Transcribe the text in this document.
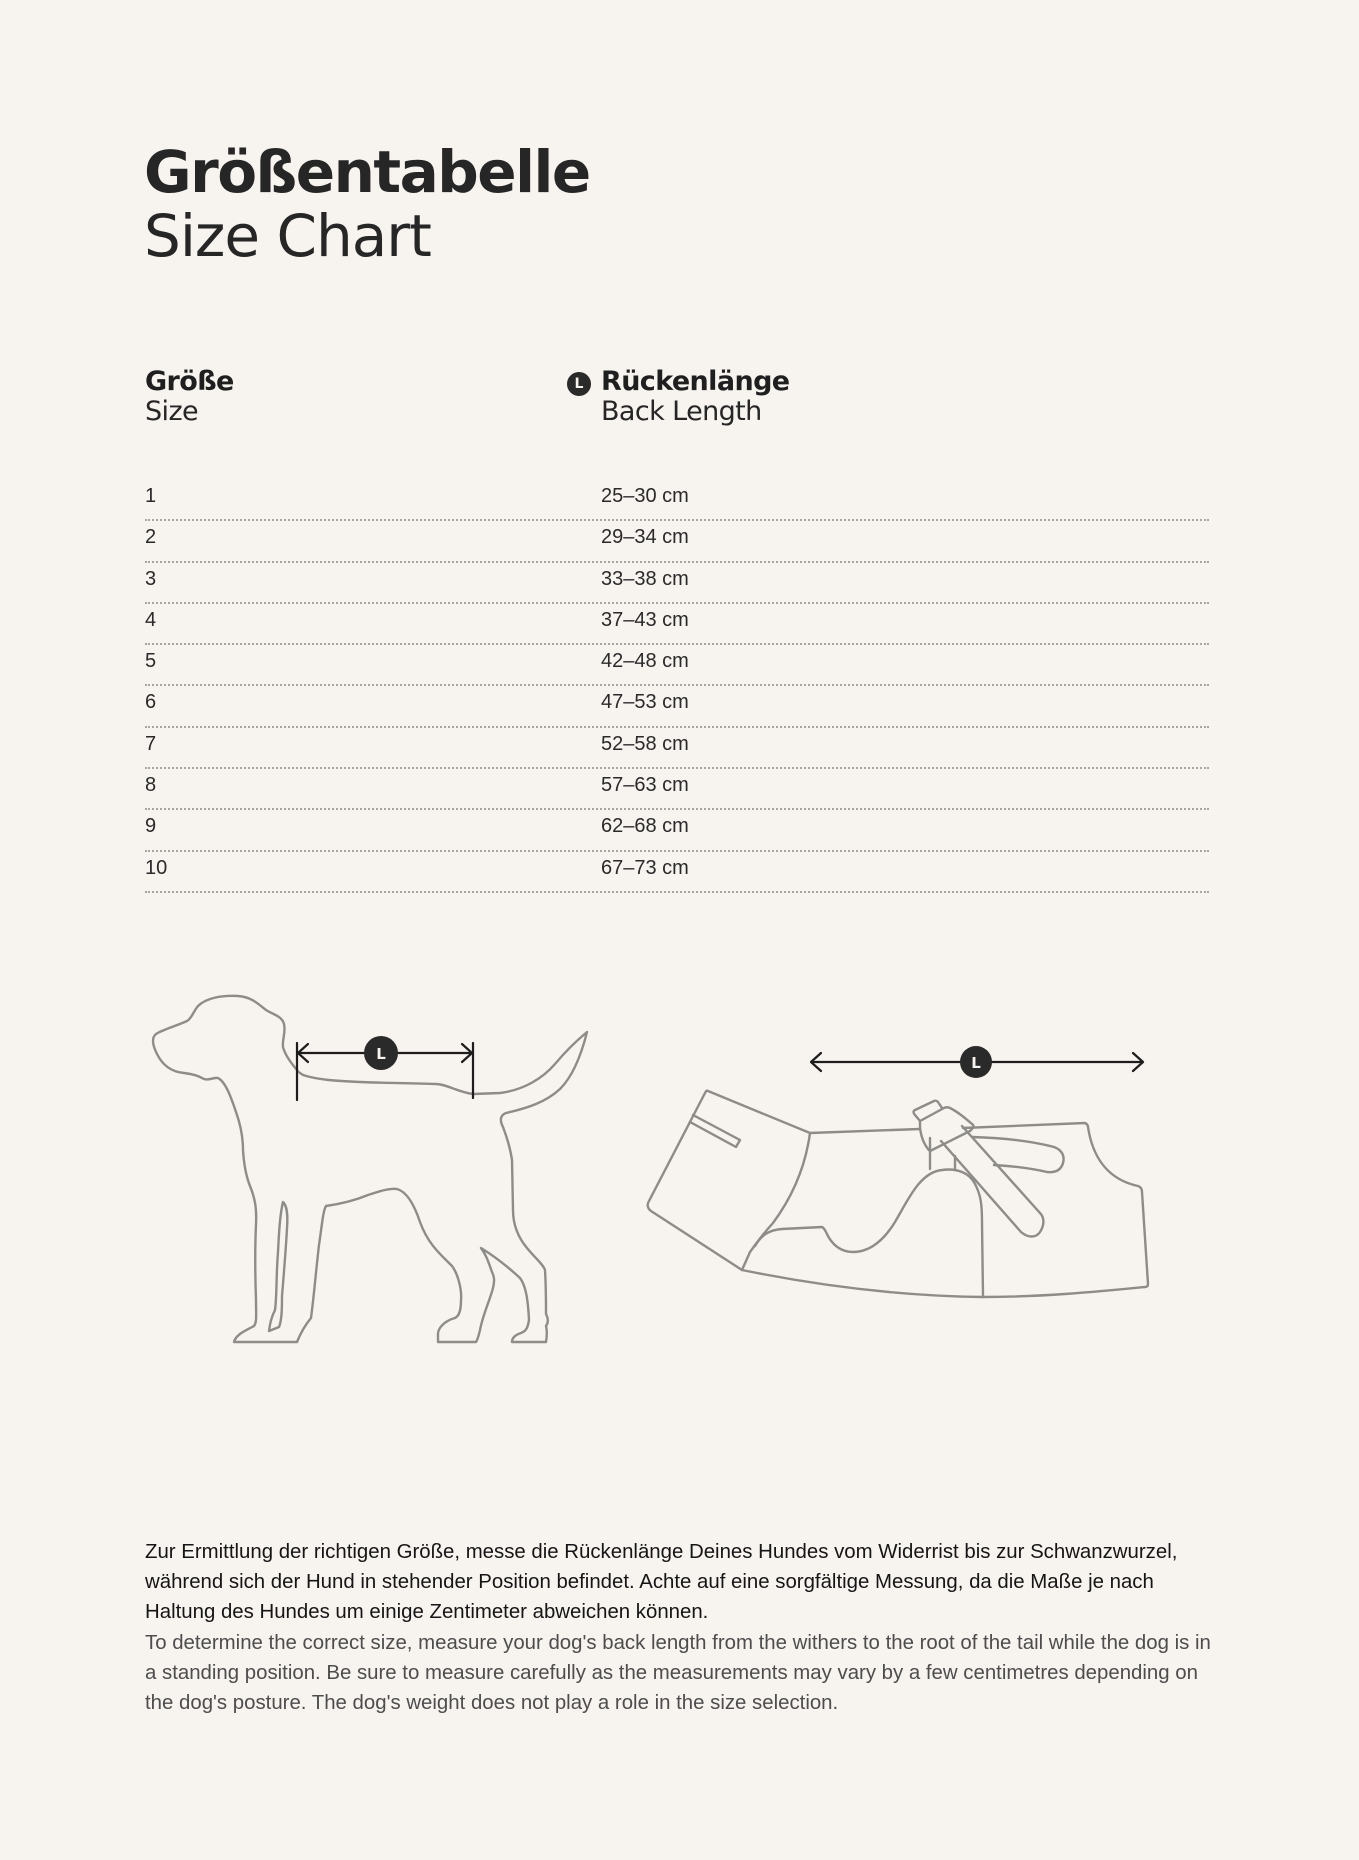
Größentabelle
Size Chart
Größe
Size
L Rückenlänge
Back Length
1	25–30 cm
2	29–34 cm
3	33–38 cm
4	37–43 cm
5	42–48 cm
6	47–53 cm
7	52–58 cm
8	57–63 cm
9	62–68 cm
10	67–73 cm
L	L
Zur Ermittlung der richtigen Größe, messe die Rückenlänge Deines Hundes vom Widerrist bis zur Schwanzwurzel, während sich der Hund in stehender Position befindet. Achte auf eine sorgfältige Messung, da die Maße je nach Haltung des Hundes um einige Zentimeter abweichen können.
To determine the correct size, measure your dog's back length from the withers to the root of the tail while the dog is in a standing position. Be sure to measure carefully as the measurements may vary by a few centimetres depending on the dog's posture. The dog's weight does not play a role in the size selection.
